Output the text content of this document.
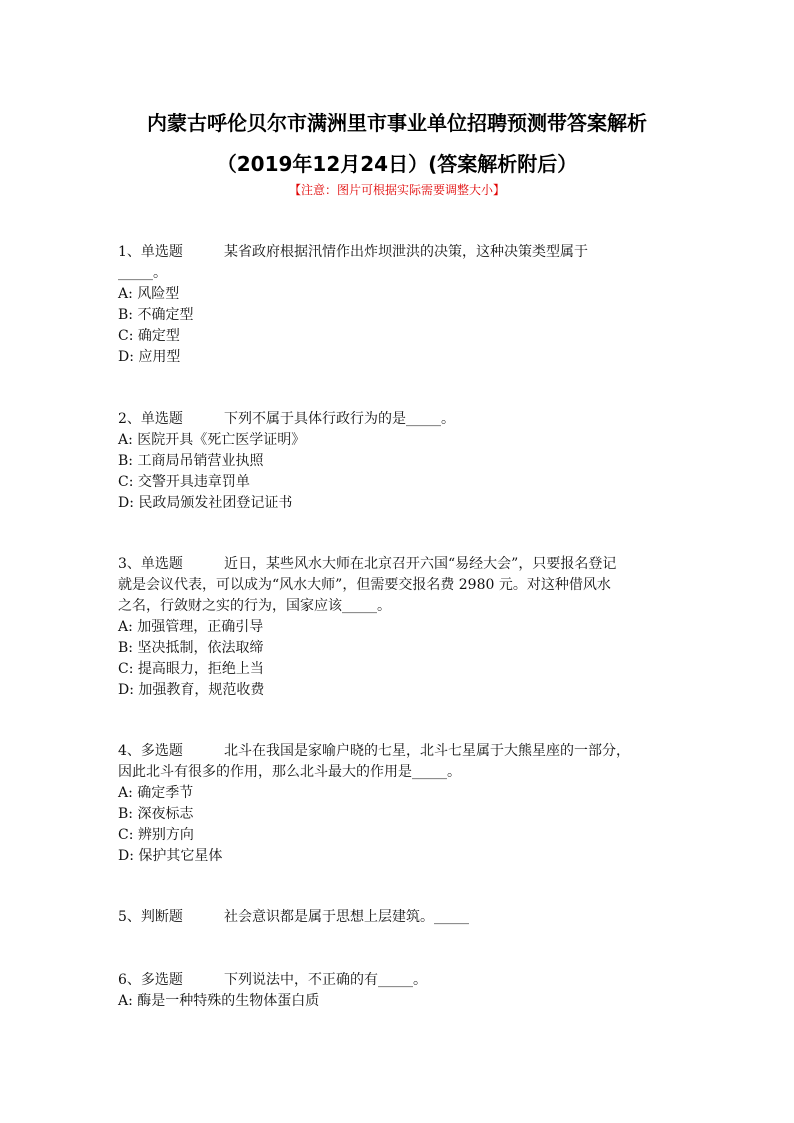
内蒙古呼伦贝尔市满洲里市事业单位招聘预测带答案解析
（2019年12月24日）(答案解析附后）
【注意：图片可根据实际需要调整大小】
1、单选题	某省政府根据汛情作出炸坝泄洪的决策，这种决策类型属于
_____。
A: 风险型
B: 不确定型
C: 确定型
D: 应用型
2、单选题	下列不属于具体行政行为的是_____。
A: 医院开具《死亡医学证明》
B: 工商局吊销营业执照
C: 交警开具违章罚单
D: 民政局颁发社团登记证书
3、单选题	近日，某些风水大师在北京召开六国“易经大会”，只要报名登记
就是会议代表，可以成为“风水大师”，但需要交报名费 2980 元。对这种借风水
之名，行敛财之实的行为，国家应该_____。
A: 加强管理，正确引导
B: 坚决抵制，依法取缔
C: 提高眼力，拒绝上当
D: 加强教育，规范收费
4、多选题	北斗在我国是家喻户晓的七星，北斗七星属于大熊星座的一部分，
因此北斗有很多的作用，那么北斗最大的作用是_____。
A: 确定季节
B: 深夜标志
C: 辨别方向
D: 保护其它星体
5、判断题	社会意识都是属于思想上层建筑。_____
6、多选题	下列说法中，不正确的有_____。
A: 酶是一种特殊的生物体蛋白质
